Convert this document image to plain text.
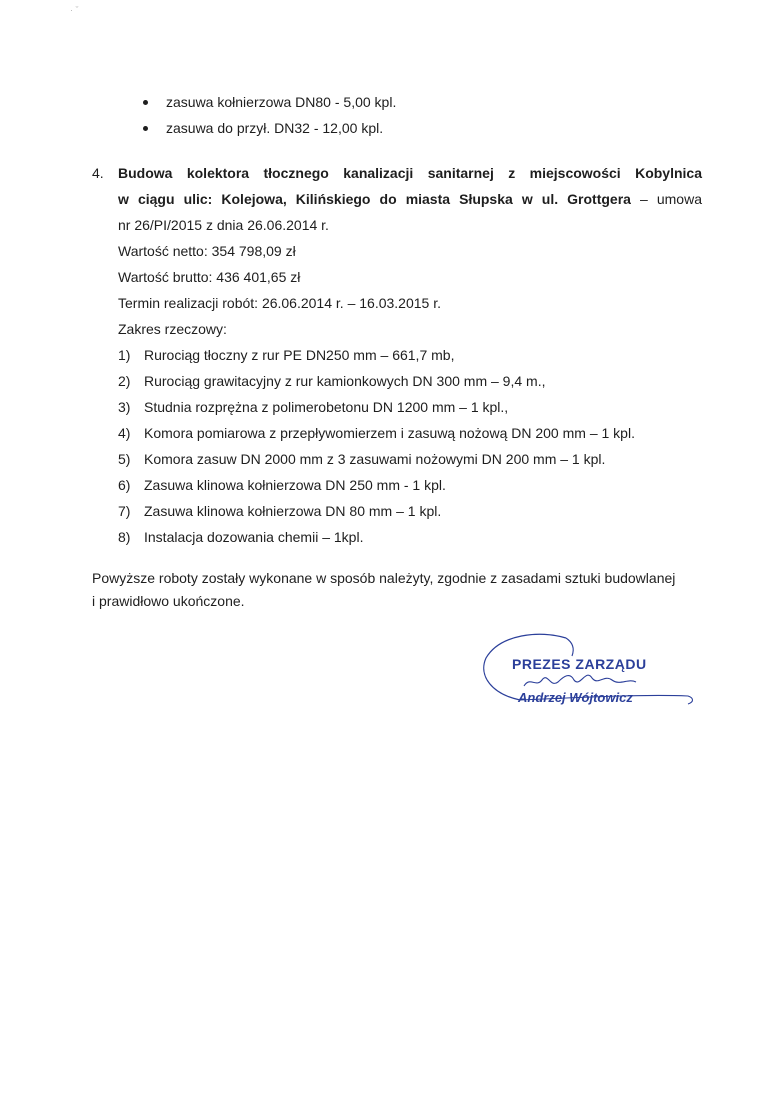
· ˇ
zasuwa kołnierzowa DN80 - 5,00 kpl.
zasuwa do przył. DN32 - 12,00 kpl.
4. Budowa kolektora tłocznego kanalizacji sanitarnej z miejscowości Kobylnica
w ciągu ulic: Kolejowa, Kilińskiego do miasta Słupska w ul. Grottgera – umowa
nr 26/PI/2015 z dnia 26.06.2014 r.
Wartość netto: 354 798,09 zł
Wartość brutto: 436 401,65 zł
Termin realizacji robót: 26.06.2014 r. – 16.03.2015 r.
Zakres rzeczowy:
1) Rurociąg tłoczny z rur PE DN250 mm – 661,7 mb,
2) Rurociąg grawitacyjny z rur kamionkowych DN 300 mm – 9,4 m.,
3) Studnia rozprężna z polimerobetonu DN 1200 mm – 1 kpl.,
4) Komora pomiarowa z przepływomierzem i zasuwą nożową DN 200 mm – 1 kpl.
5) Komora zasuw DN 2000 mm z 3 zasuwami nożowymi DN 200 mm – 1 kpl.
6) Zasuwa klinowa kołnierzowa DN 250 mm - 1 kpl.
7) Zasuwa klinowa kołnierzowa DN 80 mm – 1 kpl.
8) Instalacja dozowania chemii – 1kpl.
Powyższe roboty zostały wykonane w sposób należyty, zgodnie z zasadami sztuki budowlanej
i prawidłowo ukończone.
PREZES ZARZĄDU
Andrzej Wójtowicz
